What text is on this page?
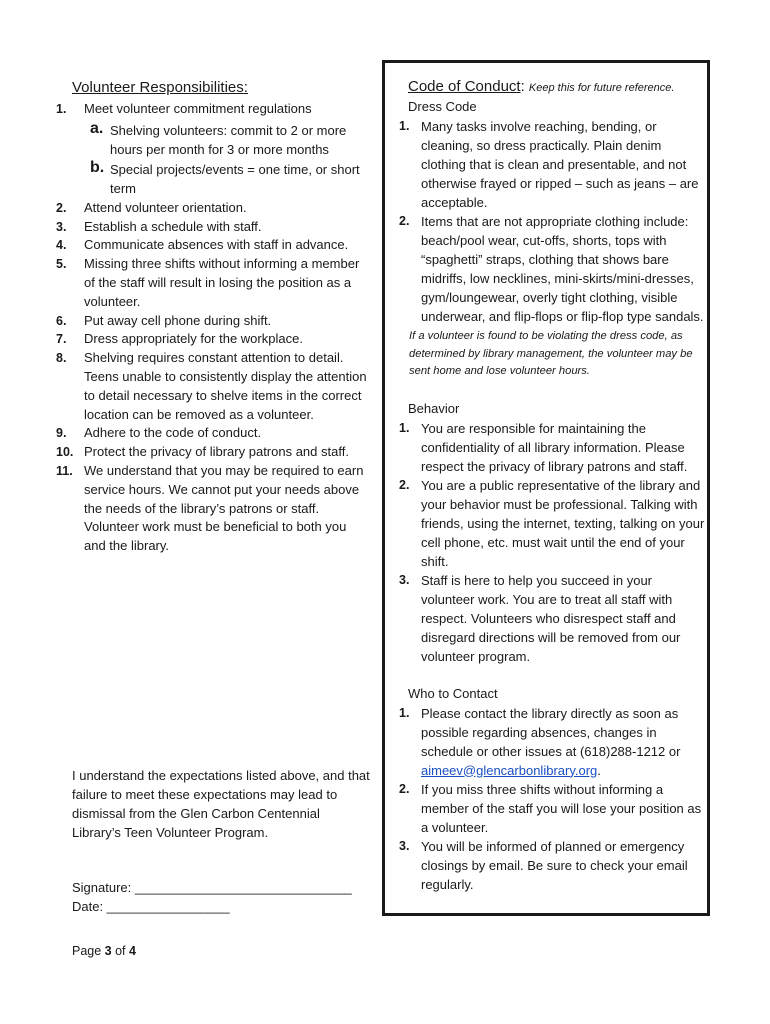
Volunteer Responsibilities:
1. Meet volunteer commitment regulations
a. Shelving volunteers: commit to 2 or more hours per month for 3 or more months
b. Special projects/events = one time, or short term
2. Attend volunteer orientation.
3. Establish a schedule with staff.
4. Communicate absences with staff in advance.
5. Missing three shifts without informing a member of the staff will result in losing the position as a volunteer.
6. Put away cell phone during shift.
7. Dress appropriately for the workplace.
8. Shelving requires constant attention to detail. Teens unable to consistently display the attention to detail necessary to shelve items in the correct location can be removed as a volunteer.
9. Adhere to the code of conduct.
10. Protect the privacy of library patrons and staff.
11. We understand that you may be required to earn service hours. We cannot put your needs above the needs of the library’s patrons or staff. Volunteer work must be beneficial to both you and the library.
I understand the expectations listed above, and that failure to meet these expectations may lead to dismissal from the Glen Carbon Centennial Library’s Teen Volunteer Program.
Signature: ______________________________
Date: _________________
Page 3 of 4
Code of Conduct: Keep this for future reference.
Dress Code
1. Many tasks involve reaching, bending, or cleaning, so dress practically. Plain denim clothing that is clean and presentable, and not otherwise frayed or ripped – such as jeans – are acceptable.
2. Items that are not appropriate clothing include: beach/pool wear, cut-offs, shorts, tops with “spaghetti” straps, clothing that shows bare midriffs, low necklines, mini-skirts/mini-dresses, gym/loungewear, overly tight clothing, visible underwear, and flip-flops or flip-flop type sandals.
If a volunteer is found to be violating the dress code, as determined by library management, the volunteer may be sent home and lose volunteer hours.
Behavior
1. You are responsible for maintaining the confidentiality of all library information. Please respect the privacy of library patrons and staff.
2. You are a public representative of the library and your behavior must be professional. Talking with friends, using the internet, texting, talking on your cell phone, etc. must wait until the end of your shift.
3. Staff is here to help you succeed in your volunteer work. You are to treat all staff with respect. Volunteers who disrespect staff and disregard directions will be removed from our volunteer program.
Who to Contact
1. Please contact the library directly as soon as possible regarding absences, changes in schedule or other issues at (618)288-1212 or aimeev@glencarbonlibrary.org.
2. If you miss three shifts without informing a member of the staff you will lose your position as a volunteer.
3. You will be informed of planned or emergency closings by email. Be sure to check your email regularly.
